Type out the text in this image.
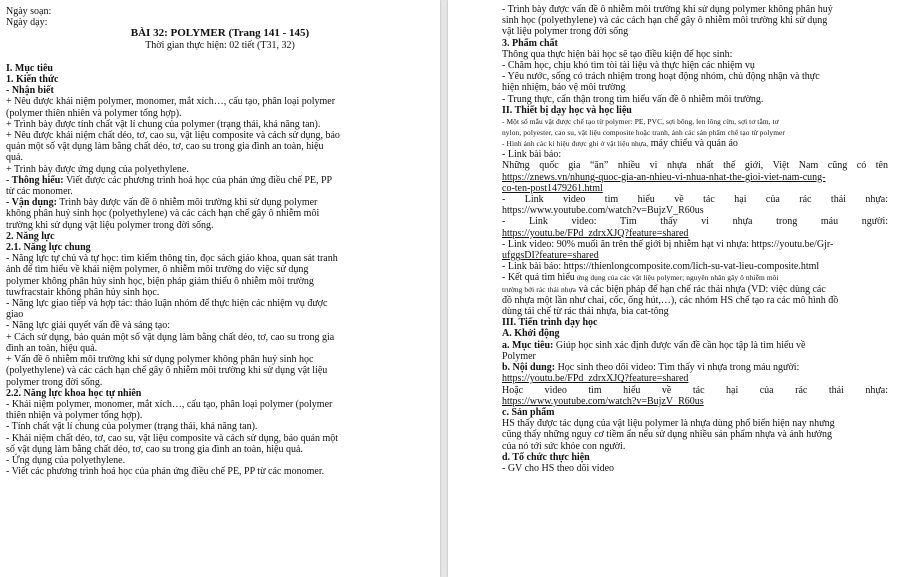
Ngày soạn:

Ngày dạy:

BÀI 32: POLYMER (Trang 141 - 145)

Thời gian thực hiện: 02 tiết (T31, 32)

I. Mục tiêu

1. Kiến thức

- Nhận biết

+ Nêu được khái niệm polymer, monomer, mắt xích…, cấu tạo, phân loại polymer

(polymer thiên nhiên và polymer tổng hợp).

+ Trình bày được tính chất vật lí chung của polymer (trạng thái, khả năng tan).

+ Nêu được khái niệm chất dẻo, tơ, cao su, vật liệu composite và cách sử dụng, bảo

quản một số vật dụng làm bằng chất dẻo, tơ, cao su trong gia đình an toàn, hiệu

quả.

+ Trình bày được ứng dụng của polyethylene.

- Thông hiểu: Viết được các phương trình hoá học của phản ứng điều chế PE, PP

từ các monomer.

- Vận dụng: Trình bày được vấn đề ô nhiễm môi trường khi sử dụng polymer

không phân huỷ sinh học (polyethylene) và các cách hạn chế gây ô nhiễm môi

trường khi sử dụng vật liệu polymer trong đời sống.

2. Năng lực

2.1. Năng lực chung

- Năng lực tự chủ và tự học: tìm kiếm thông tin, đọc sách giáo khoa, quan sát tranh

ảnh để tìm hiểu về khái niệm polymer, ô nhiễm môi trường do việc sử dụng

polymer không phân hủy sinh học, biện pháp giảm thiểu ô nhiễm môi trường

tuwfracstair không phân hủy sinh học.

- Năng lực giao tiếp và hợp tác: thảo luận nhóm để thực hiện các nhiệm vụ được

giao

- Năng lực giải quyết vấn đề và sáng tạo:

+ Cách sử dụng, bảo quản một số vật dụng làm bằng chất dẻo, tơ, cao su trong gia

đình an toàn, hiệu quả.

+ Vấn đề ô nhiễm môi trường khi sử dụng polymer không phân huỷ sinh học

(polyethylene) và các cách hạn chế gây ô nhiễm môi trường khi sử dụng vật liệu

polymer trong đời sống.

2.2. Năng lực khoa học tự nhiên

- Khái niệm polymer, monomer, mắt xích…, cấu tạo, phân loại polymer (polymer

thiên nhiện và polymer tổng hợp).

- Tính chất vật lí chung của polymer (trạng thái, khả năng tan).

- Khái niệm chất dẻo, tơ, cao su, vật liệu composite và cách sử dụng, bảo quản một

số vật dụng làm bằng chất dẻo, tơ, cao su trong gia đình an toàn, hiệu quả.

- Ứng dụng của polyethylene.

- Viết các phương trình hoá học của phản ứng điều chế PE, PP từ các monomer.

- Trình bày được vấn đề ô nhiễm môi trường khi sử dụng polymer không phân huỷ

sinh học (polyethylene) và các cách hạn chế gây ô nhiễm môi trường khi sử dụng

vật liệu polymer trong đời sống

3. Phẩm chất

Thông qua thực hiện bài học sẽ tạo điều kiện để học sinh:

- Chăm học, chịu khó tìm tòi tài liệu và thực hiện các nhiệm vụ

- Yêu nước, sống có trách nhiệm trong hoạt động nhóm, chủ động nhận và thực

hiện nhiệm, bảo vệ môi trường

- Trung thực, cẩn thận trong tìm hiểu vấn đề ô nhiễm môi trường.

II. Thiết bị dạy học và học liệu

- Một số mẫu vật được chế tạo từ polymer: PE, PVC, sợi bông, len lông cừu, sợi tơ tằm, tơ

nylon, polyester, cao su, vật liệu composite hoặc tranh, ảnh các sản phẩm chế tạo từ polymer

- Hình ảnh các kí hiệu được ghi ở vật liệu nhựa, máy chiếu và quán áo

- Link bài báo:

Những quốc gia “ăn” nhiều vi nhựa nhất thế giới, Việt Nam cũng có tên

https://znews.vn/nhung-quoc-gia-an-nhieu-vi-nhua-nhat-the-gioi-viet-nam-cung-

co-ten-post1479261.html

- Link video tìm hiểu về tác hại của rác thải nhựa:

https://www.youtube.com/watch?v=BujzV_R60us

- Link video: Tìm thấy vi nhựa trong máu người:

https://youtu.be/FPd_zdrxXJQ?feature=shared

- Link video: 90% muối ăn trên thế giới bị nhiễm hạt vi nhựa: https://youtu.be/Gjr-

ufggsDI?feature=shared

- Link bài báo: https://thienlongcomposite.com/lich-su-vat-lieu-composite.html

- Kết quả tìm hiểu ứng dụng của các vật liệu polymer; nguyên nhân gây ô nhiễm môi

trường bởi rác thải nhựa và các biện pháp để hạn chế rác thải nhựa (VD: việc dùng các

đồ nhựa một lần như chai, cốc, ống hút,…), các nhóm HS chế tạo ra các mô hình đồ

dùng tái chế từ rác thải nhựa, bìa cat-tông

III. Tiến trình dạy học

A. Khởi động

a. Mục tiêu: Giúp học sinh xác định được vấn đề cần học tập là tìm hiểu về

Polymer

b. Nội dung: Học sinh theo dõi video: Tìm thấy vi nhựa trong máu người:

https://youtu.be/FPd_zdrxXJQ?feature=shared

Hoặc video tìm hiểu về tác hại của rác thải nhựa:

https://www.youtube.com/watch?v=BujzV_R60us

c. Sản phẩm

HS thấy được tác dụng của vật liệu polymer là nhựa dùng phổ biến hiện nay nhưng

cũng thấy những nguy cơ tiềm ẩn nếu sử dụng nhiều sản phẩm nhựa và ảnh hưởng

của nó tới sức khỏe con người.

d. Tổ chức thực hiện

- GV cho HS theo dõi video
